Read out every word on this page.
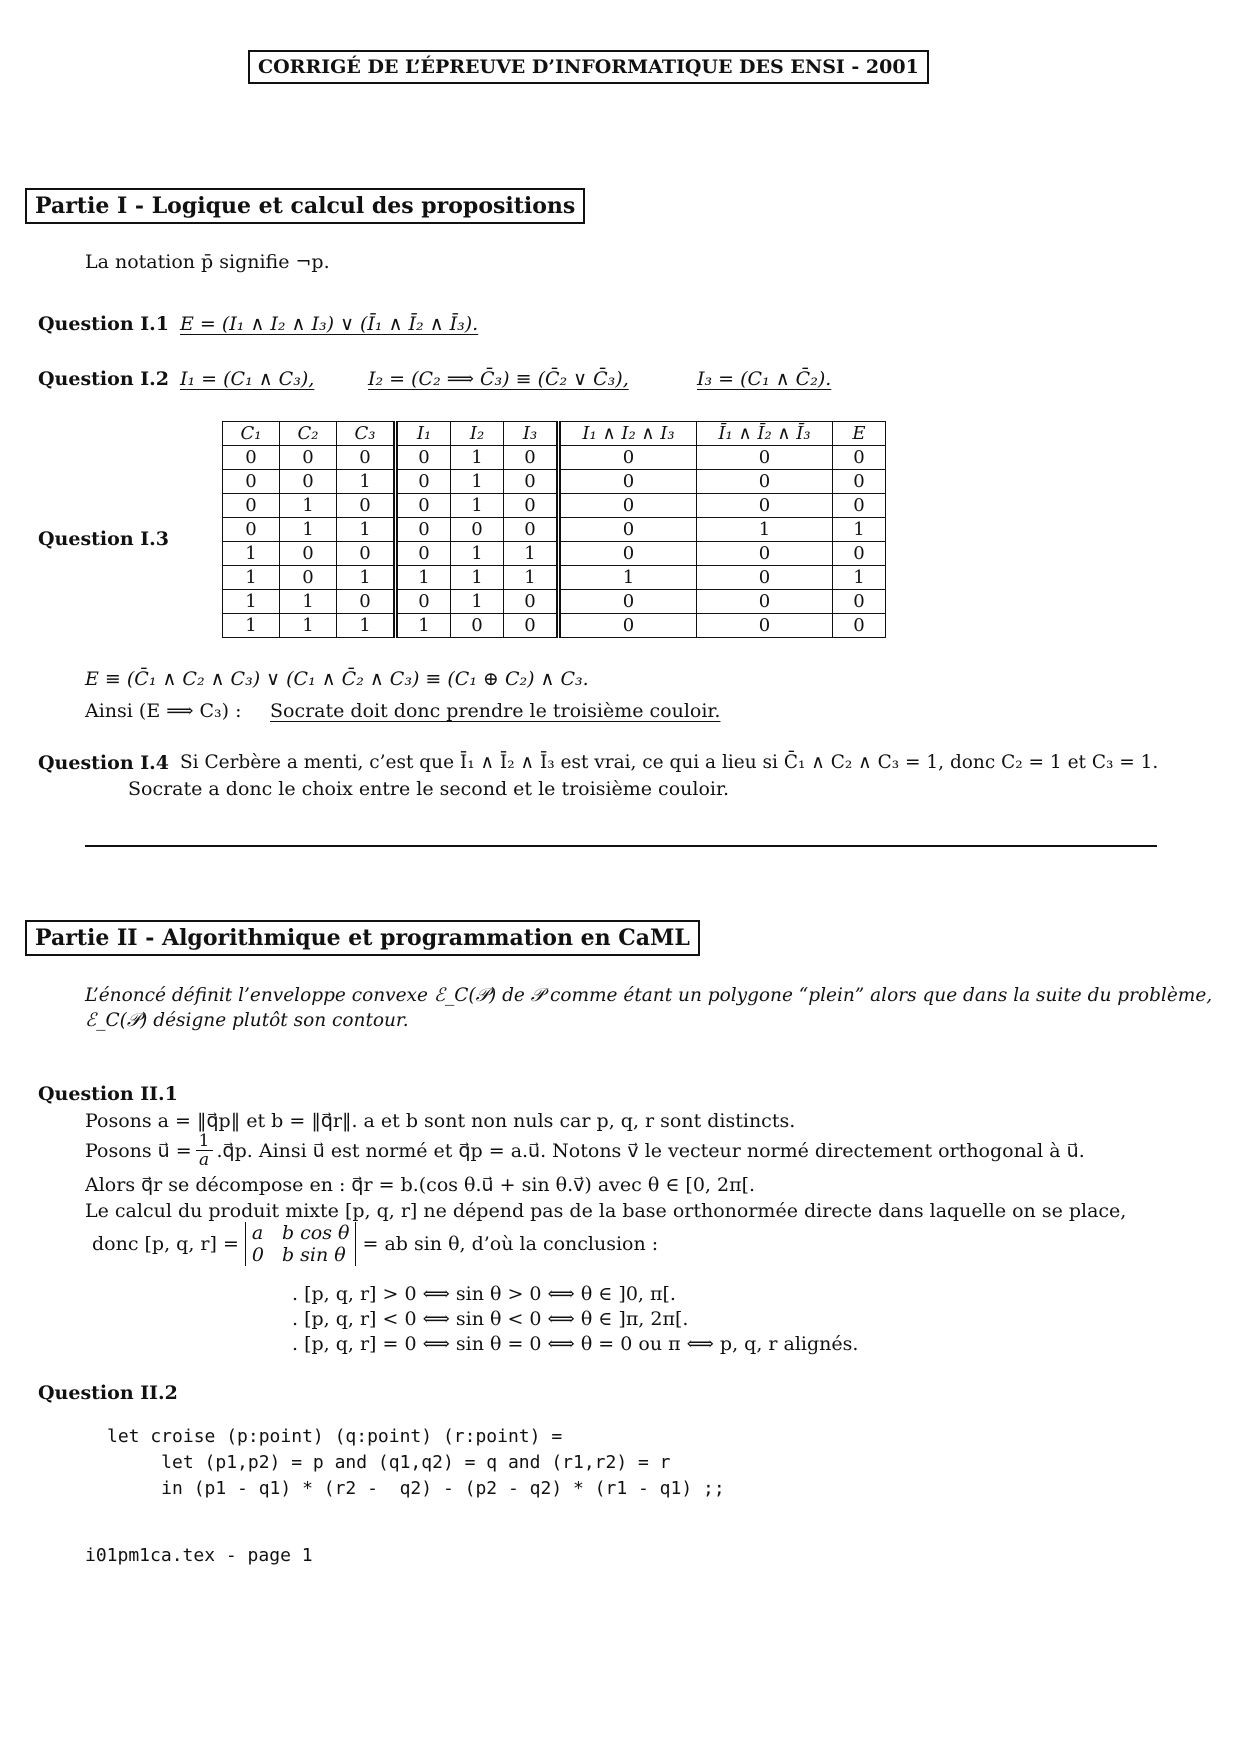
CORRIGÉ DE L’ÉPREUVE D’INFORMATIQUE DES ENSI - 2001
Partie I - Logique et calcul des propositions
La notation p̄ signifie ¬p.
Question I.1 E = (I₁ ∧ I₂ ∧ I₃) ∨ (Ī₁ ∧ Ī₂ ∧ Ī₃).
Question I.2 I₁ = (C₁ ∧ C₃),	I₂ = (C₂ ⟹ C̄₃) ≡ (C̄₂ ∨ C̄₃),	I₃ = (C₁ ∧ C̄₂).
Question I.3
C₁	C₂	C₃	I₁	I₂	I₃	I₁ ∧ I₂ ∧ I₃	Ī₁ ∧ Ī₂ ∧ Ī₃	E
0	0	0	0	1	0	0	0	0
0	0	1	0	1	0	0	0	0
0	1	0	0	1	0	0	0	0
0	1	1	0	0	0	0	1	1
1	0	0	0	1	1	0	0	0
1	0	1	1	1	1	1	0	1
1	1	0	0	1	0	0	0	0
1	1	1	1	0	0	0	0	0
E ≡ (C̄₁ ∧ C₂ ∧ C₃) ∨ (C₁ ∧ C̄₂ ∧ C₃) ≡ (C₁ ⊕ C₂) ∧ C₃.
Ainsi (E ⟹ C₃) : Socrate doit donc prendre le troisième couloir.
Question I.4 Si Cerbère a menti, c’est que Ī₁ ∧ Ī₂ ∧ Ī₃ est vrai, ce qui a lieu si C̄₁ ∧ C₂ ∧ C₃ = 1, donc C₂ = 1 et C₃ = 1.
Socrate a donc le choix entre le second et le troisième couloir.
Partie II - Algorithmique et programmation en CaML
L’énoncé définit l’enveloppe convexe ℰ_C(𝒫) de 𝒫 comme étant un polygone “plein” alors que dans la suite du problème,
ℰ_C(𝒫) désigne plutôt son contour.
Question II.1
Posons a = ‖q⃗p‖ et b = ‖q⃗r‖. a et b sont non nuls car p, q, r sont distincts.
Posons u⃗ = $\frac{1}{a}$ .q⃗p. Ainsi u⃗ est normé et q⃗p = a.u⃗. Notons v⃗ le vecteur normé directement orthogonal à u⃗.
Alors q⃗r se décompose en : q⃗r = b.(cos θ.u⃗ + sin θ.v⃗) avec θ ∈ [0, 2π[.
Le calcul du produit mixte [p, q, r] ne dépend pas de la base orthonormée directe dans laquelle on se place,
donc [p, q, r] = a b cos θ
0 b sin θ = ab sin θ, d’où la conclusion :
. [p, q, r] > 0 ⟺ sin θ > 0 ⟺ θ ∈ ]0, π[.
. [p, q, r] < 0 ⟺ sin θ < 0 ⟺ θ ∈ ]π, 2π[.
. [p, q, r] = 0 ⟺ sin θ = 0 ⟺ θ = 0 ou π ⟺ p, q, r alignés.
Question II.2
let croise (p:point) (q:point) (r:point) =
let (p1,p2) = p and (q1,q2) = q and (r1,r2) = r
in (p1 - q1) * (r2 -  q2) - (p2 - q2) * (r1 - q1) ;;
i01pm1ca.tex - page 1
